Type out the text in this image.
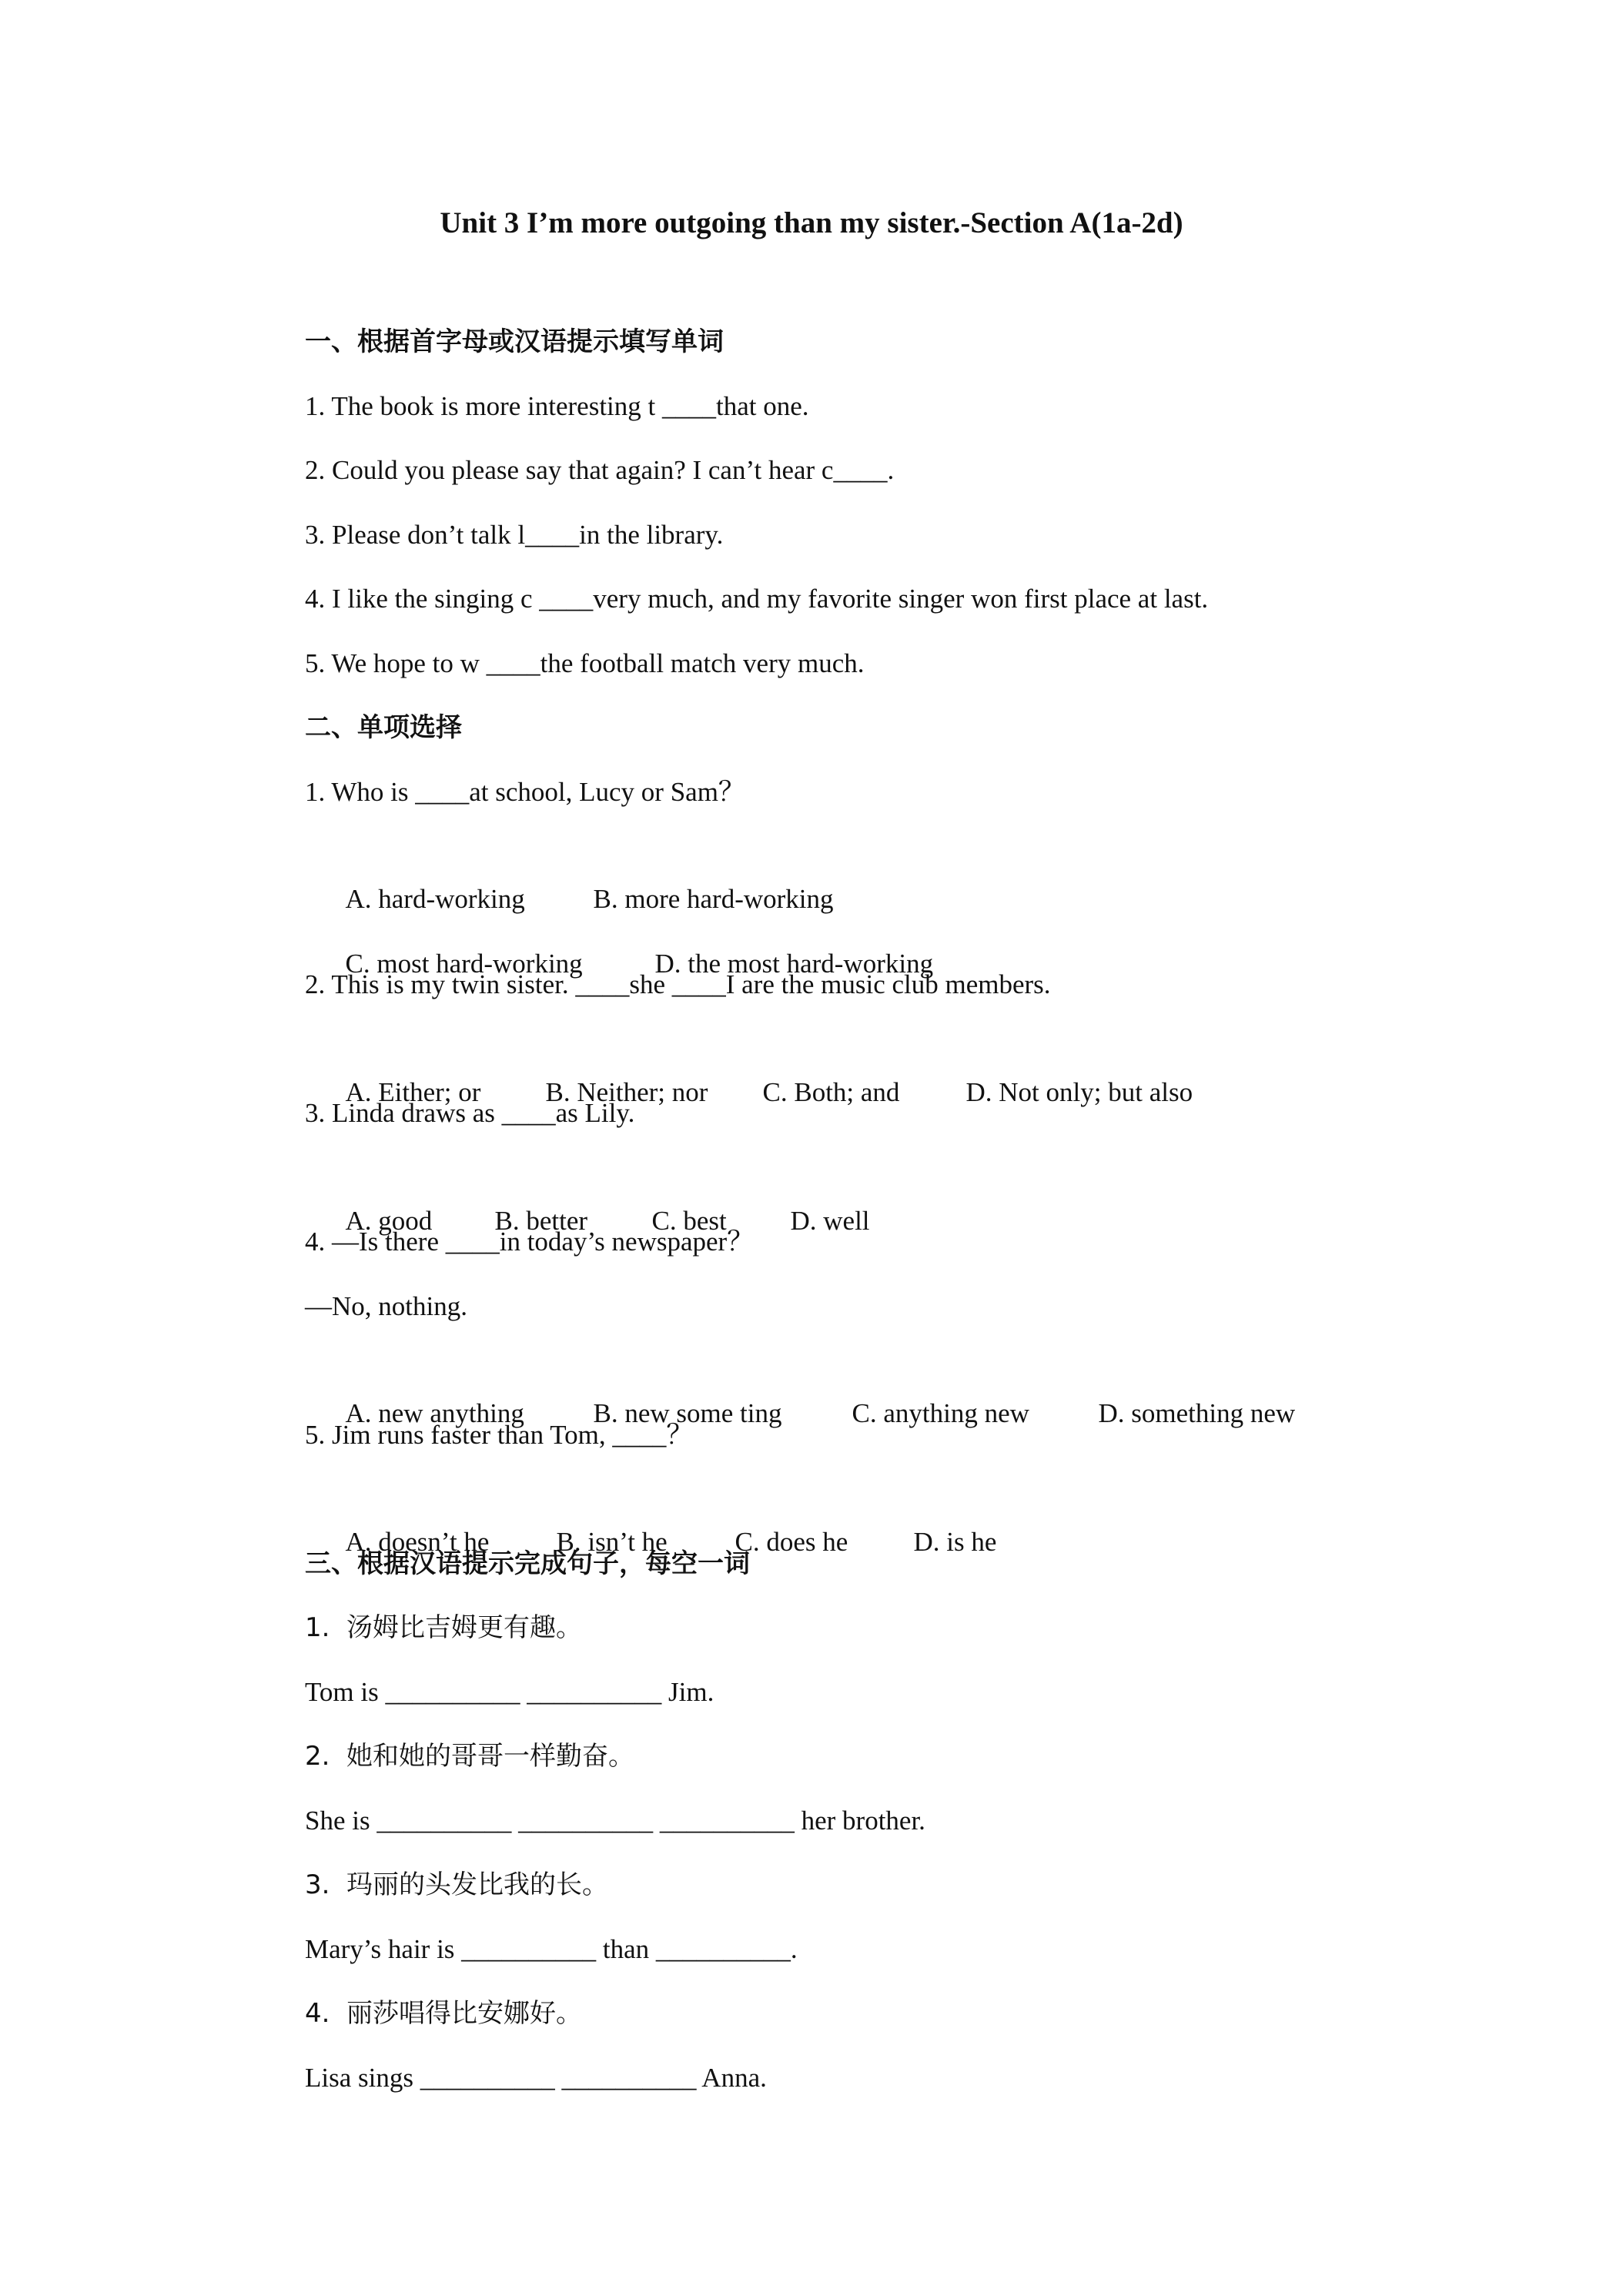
Unit 3 I’m more outgoing than my sister.-Section A(1a-2d)
一、根据首字母或汉语提示填写单词
1. The book is more interesting t ____that one.
2. Could you please say that again? I can’t hear c____.
3. Please don’t talk l____in the library.
4. I like the singing c ____very much, and my favorite singer won first place at last.
5. We hope to w ____the football match very much.
二、单项选择
1. Who is ____at school, Lucy or Sam？

A. hard-working	B. more hard-working

C. most hard-working	D. the most hard-working

2. This is my twin sister. ____she ____I are the music club members.

A. Either; or B. Neither; nor C. Both; and D. Not only; but also

3. Linda draws as ____as Lily.

A. good B. better C. best D. well

4. —Is there ____in today’s newspaper？
—No, nothing.

A. new anything	B. new some ting	C. anything new	D. something new

5. Jim runs faster than Tom, ____？

A. doesn’t he B. isn’t he	C. does he D. is he

三、根据汉语提示完成句子，每空一词
1.  汤姆比吉姆更有趣。
Tom is __________ __________ Jim.
2.  她和她的哥哥一样勤奋。
She is __________ __________ __________ her brother.
3.  玛丽的头发比我的长。
Mary’s hair is __________ than __________.
4.  丽莎唱得比安娜好。
Lisa sings __________ __________ Anna.
